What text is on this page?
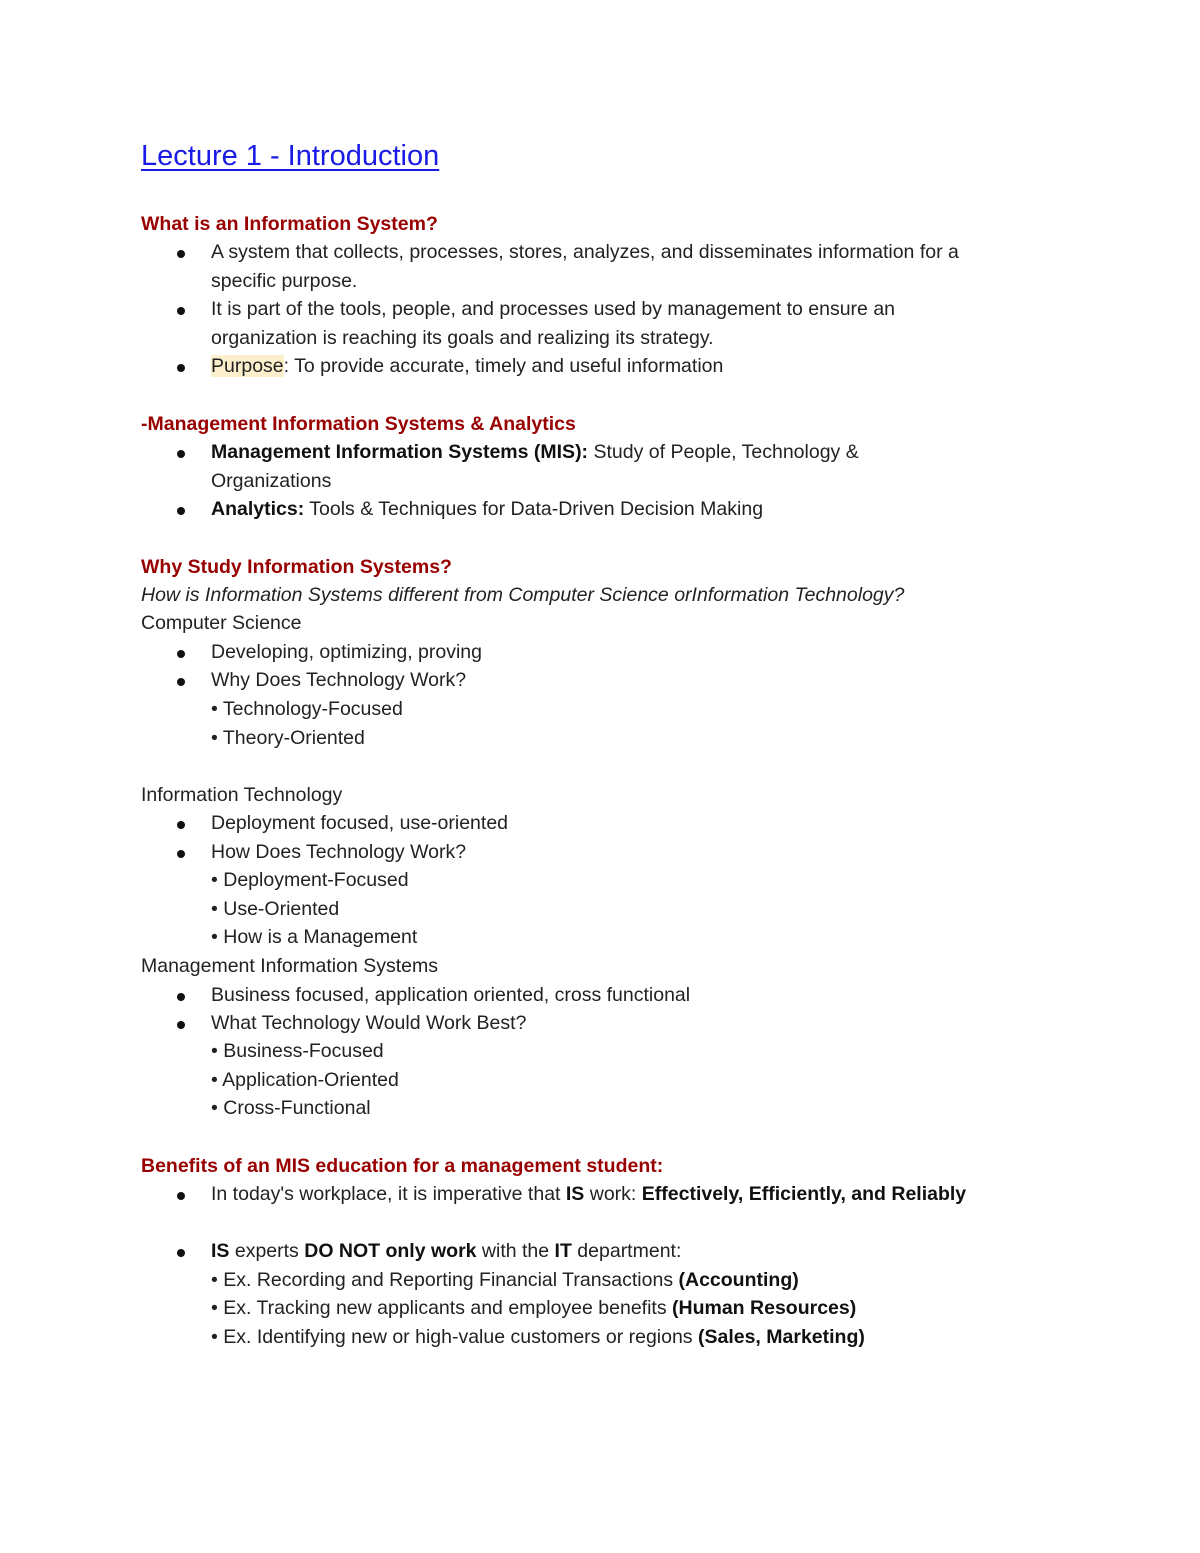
Lecture 1 - Introduction
What is an Information System?
A system that collects, processes, stores, analyzes, and disseminates information for a
specific purpose.
It is part of the tools, people, and processes used by management to ensure an
organization is reaching its goals and realizing its strategy.
Purpose: To provide accurate, timely and useful information
-Management Information Systems & Analytics
Management Information Systems (MIS): Study of People, Technology &
Organizations
Analytics: Tools & Techniques for Data-Driven Decision Making
Why Study Information Systems?
How is Information Systems different from Computer Science orInformation Technology?
Computer Science
Developing, optimizing, proving
Why Does Technology Work?
• Technology-Focused
• Theory-Oriented
Information Technology
Deployment focused, use-oriented
How Does Technology Work?
• Deployment-Focused
• Use-Oriented
• How is a Management
Management Information Systems
Business focused, application oriented, cross functional
What Technology Would Work Best?
• Business-Focused
• Application-Oriented
• Cross-Functional
Benefits of an MIS education for a management student:
In today's workplace, it is imperative that IS work: Effectively, Efficiently, and Reliably
IS experts DO NOT only work with the IT department:
• Ex. Recording and Reporting Financial Transactions (Accounting)
• Ex. Tracking new applicants and employee benefits (Human Resources)
• Ex. Identifying new or high-value customers or regions (Sales, Marketing)
